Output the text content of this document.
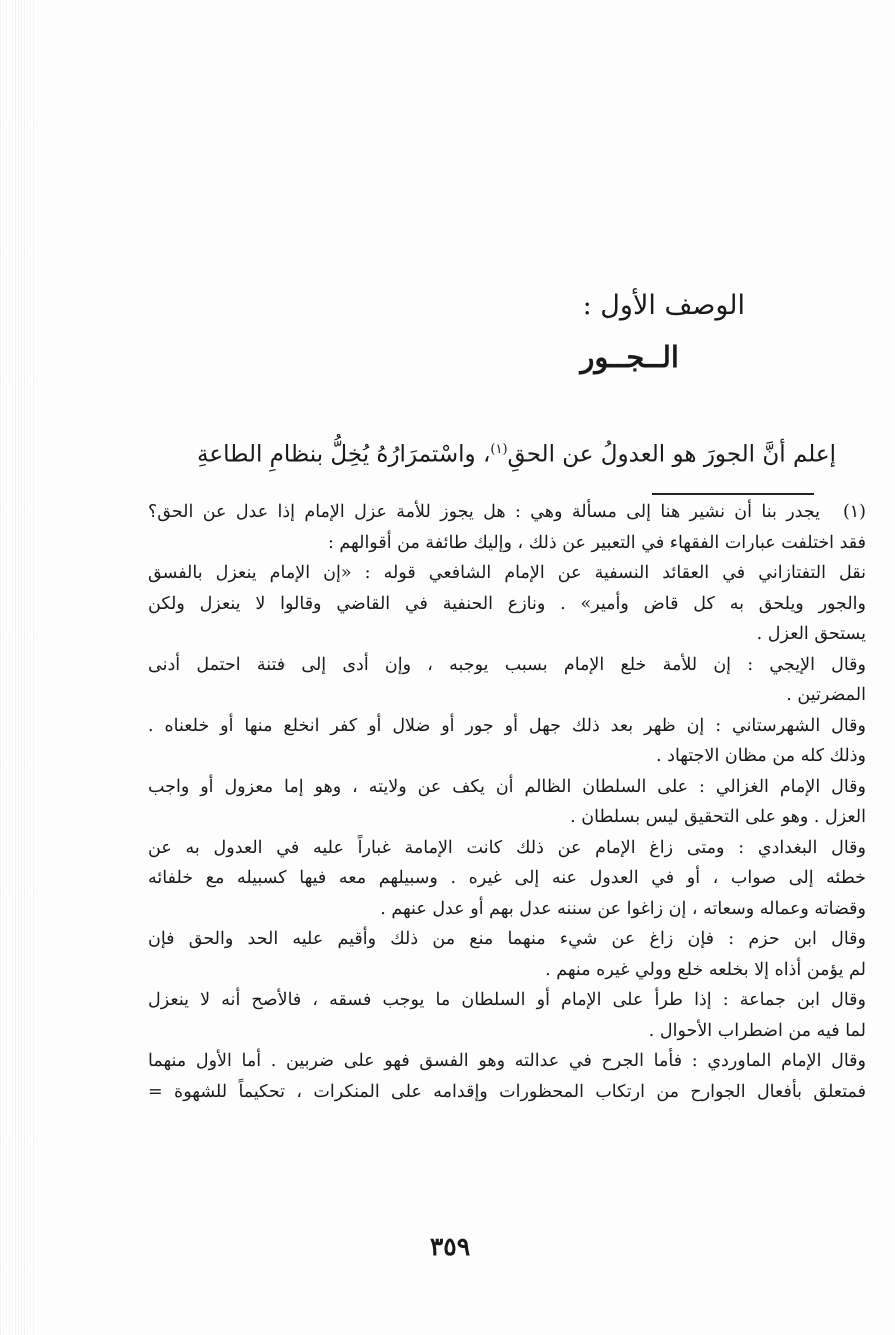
الوصف الأول :
الــجــور
إعلم أنَّ الجورَ هو العدولُ عن الحقِ$^{(١)}$، واسْتمرَارُهُ يُخِلُّ بنظامِ الطاعةِ
(١)
يجدر بنا أن نشير هنا إلى مسألة وهي : هل يجوز للأمة عزل الإمام إذا عدل عن الحق؟
فقد اختلفت عبارات الفقهاء في التعبير عن ذلك ، وإليك طائفة من أقوالهم :
نقل التفتازاني في العقائد النسفية عن الإمام الشافعي قوله : «إن الإمام ينعزل بالفسق
والجور ويلحق به كل قاض وأمير» . ونازع الحنفية في القاضي وقالوا لا ينعزل ولكن
يستحق العزل .
وقال الإيجي : إن للأمة خلع الإمام بسبب يوجبه ، وإن أدى إلى فتنة احتمل أدنى
المضرتين .
وقال الشهرستاني : إن ظهر بعد ذلك جهل أو جور أو ضلال أو كفر انخلع منها أو خلعناه .
وذلك كله من مظان الاجتهاد .
وقال الإمام الغزالي : على السلطان الظالم أن يكف عن ولايته ، وهو إما معزول أو واجب
العزل . وهو على التحقيق ليس بسلطان .
وقال البغدادي : ومتى زاغ الإمام عن ذلك كانت الإمامة غباراً عليه في العدول به عن
خطئه إلى صواب ، أو في العدول عنه إلى غيره . وسبيلهم معه فيها كسبيله مع خلفائه
وقضاته وعماله وسعاته ، إن زاغوا عن سننه عدل بهم أو عدل عنهم .
وقال ابن حزم : فإن زاغ عن شيء منهما منع من ذلك وأقيم عليه الحد والحق فإن
لم يؤمن أذاه إلا بخلعه خلع وولي غيره منهم .
وقال ابن جماعة : إذا طرأ على الإمام أو السلطان ما يوجب فسقه ، فالأصح أنه لا ينعزل
لما فيه من اضطراب الأحوال .
وقال الإمام الماوردي : فأما الجرح في عدالته وهو الفسق فهو على ضربين . أما الأول منهما
فمتعلق بأفعال الجوارح من ارتكاب المحظورات وإقدامه على المنكرات ، تحكيماً للشهوة =
٣٥٩
